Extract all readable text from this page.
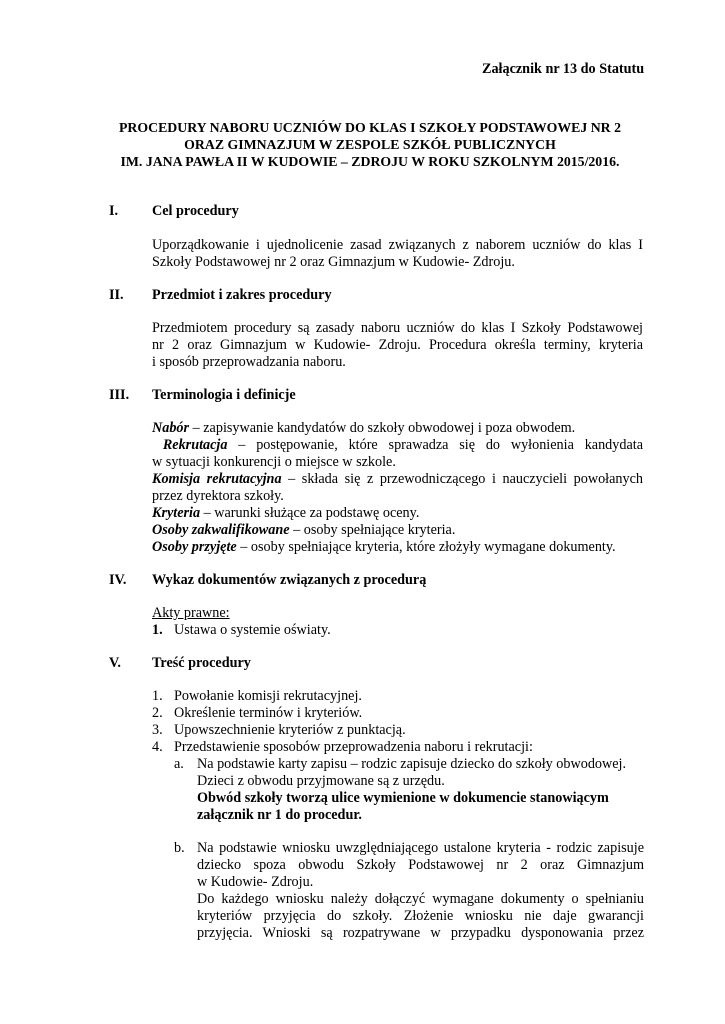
Załącznik nr 13 do Statutu
PROCEDURY NABORU UCZNIÓW DO KLAS I SZKOŁY PODSTAWOWEJ NR 2
ORAZ GIMNAZJUM W ZESPOLE SZKÓŁ PUBLICZNYCH
IM. JANA PAWŁA II W KUDOWIE – ZDROJU W ROKU SZKOLNYM 2015/2016.
I. Cel procedury
Uporządkowanie i ujednolicenie zasad związanych z naborem uczniów do klas I
Szkoły Podstawowej nr 2 oraz Gimnazjum w Kudowie- Zdroju.
II. Przedmiot i zakres procedury
Przedmiotem procedury są zasady naboru uczniów do klas I Szkoły Podstawowej
nr 2 oraz Gimnazjum w Kudowie- Zdroju. Procedura określa terminy, kryteria
i sposób przeprowadzania naboru.
III. Terminologia i definicje
Nabór – zapisywanie kandydatów do szkoły obwodowej i poza obwodem.
Rekrutacja – postępowanie, które sprawadza się do wyłonienia kandydata
w sytuacji konkurencji o miejsce w szkole.
Komisja rekrutacyjna – składa się z przewodniczącego i nauczycieli powołanych
przez dyrektora szkoły.
Kryteria – warunki służące za podstawę oceny.
Osoby zakwalifikowane – osoby spełniające kryteria.
Osoby przyjęte – osoby spełniające kryteria, które złożyły wymagane dokumenty.
IV. Wykaz dokumentów związanych z procedurą
Akty prawne:
1. Ustawa o systemie oświaty.
V. Treść procedury
1. Powołanie komisji rekrutacyjnej.
2. Określenie terminów i kryteriów.
3. Upowszechnienie kryteriów z punktacją.
4. Przedstawienie sposobów przeprowadzenia naboru i rekrutacji:
a. Na podstawie karty zapisu – rodzic zapisuje dziecko do szkoły obwodowej.
Dzieci z obwodu przyjmowane są z urzędu.
Obwód szkoły tworzą ulice wymienione w dokumencie stanowiącym
załącznik nr 1 do procedur.
b. Na podstawie wniosku uwzględniającego ustalone kryteria - rodzic zapisuje
dziecko spoza obwodu Szkoły Podstawowej nr 2 oraz Gimnazjum
w Kudowie- Zdroju.
Do każdego wniosku należy dołączyć wymagane dokumenty o spełnianiu
kryteriów przyjęcia do szkoły. Złożenie wniosku nie daje gwarancji
przyjęcia. Wnioski są rozpatrywane w przypadku dysponowania przez
